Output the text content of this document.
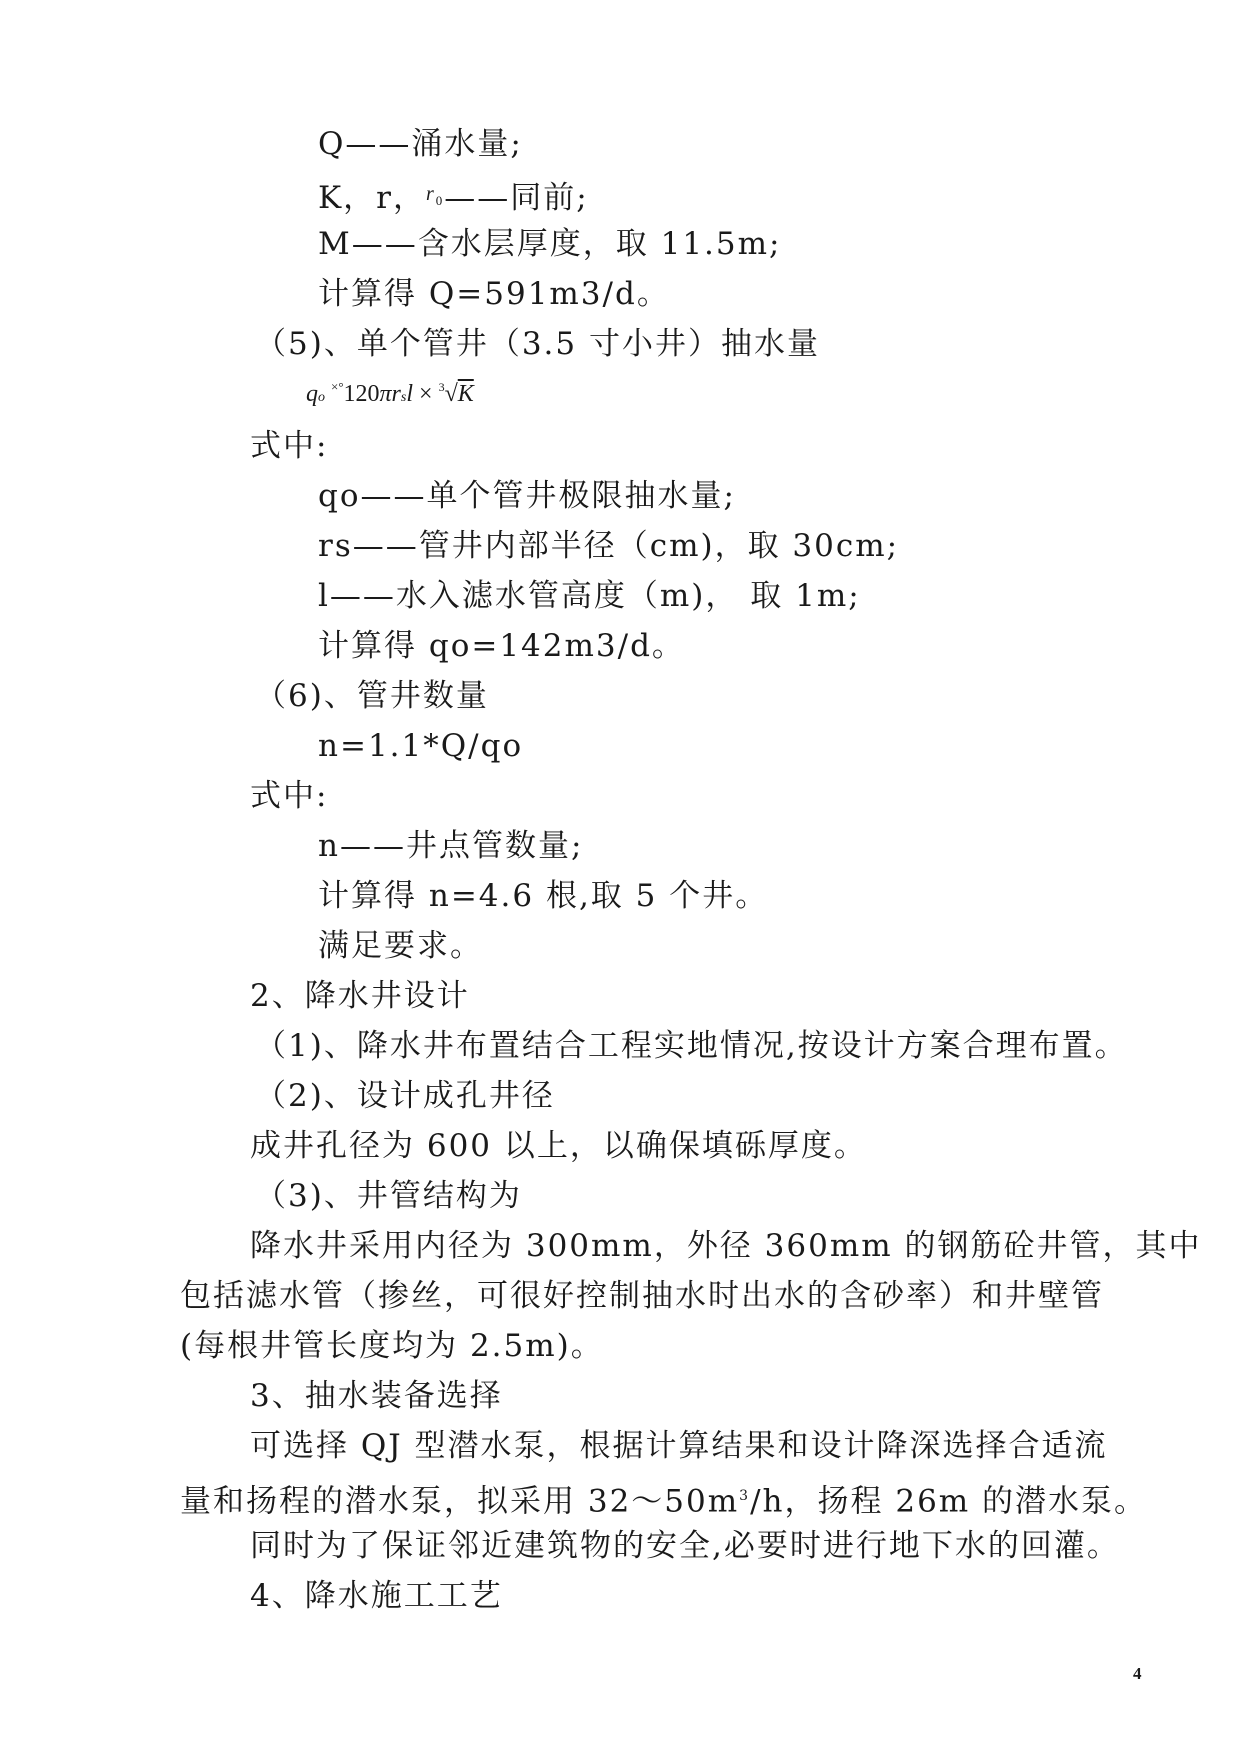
Q——涌水量;
K，r，$^{r_0}$——同前;
M——含水层厚度，取 11.5m;
计算得 Q=591m3/d。
（5)、单个管井（3.5 寸小井）抽水量
qo ×°120πrsl × $^3$√K
式中:
qo——单个管井极限抽水量;
rs——管井内部半径（cm)，取 30cm;
l——水入滤水管高度（m)， 取 1m;
计算得 qo=142m3/d。
（6)、管井数量
n=1.1*Q/qo
式中:
n——井点管数量;
计算得 n=4.6 根,取 5 个井。
满足要求。
2、降水井设计
（1)、降水井布置结合工程实地情况,按设计方案合理布置。
（2)、设计成孔井径
成井孔径为 600 以上，以确保填砾厚度。
（3)、井管结构为
降水井采用内径为 300mm，外径 360mm 的钢筋砼井管，其中
包括滤水管（掺丝，可很好控制抽水时出水的含砂率）和井壁管
(每根井管长度均为 2.5m)。
3、抽水装备选择
可选择 QJ 型潜水泵，根据计算结果和设计降深选择合适流
量和扬程的潜水泵，拟采用 $32\sim 50m^3/h$，扬程 26m 的潜水泵。
同时为了保证邻近建筑物的安全,必要时进行地下水的回灌。
4、降水施工工艺
4
